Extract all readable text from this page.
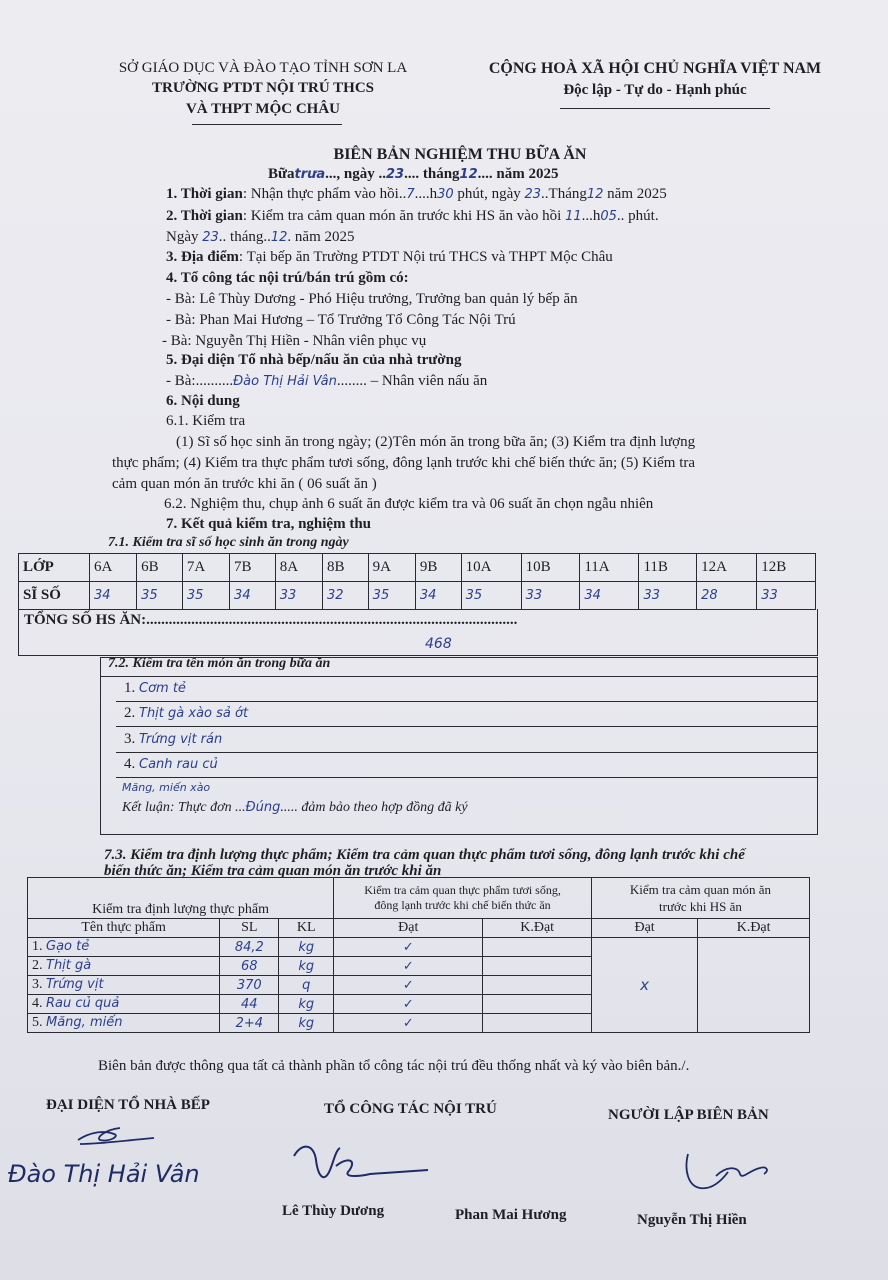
SỞ GIÁO DỤC VÀ ĐÀO TẠO TỈNH SƠN LA
TRƯỜNG PTDT NỘI TRÚ THCS
VÀ THPT MỘC CHÂU
CỘNG HOÀ XÃ HỘI CHỦ NGHĨA VIỆT NAM
Độc lập - Tự do - Hạnh phúc
BIÊN BẢN NGHIỆM THU BỮA ĂN
Bữatrưa..., ngày ..23.... tháng12.... năm 2025
1. Thời gian: Nhận thực phẩm vào hồi..7....h30 phút, ngày 23..Tháng12 năm 2025
2. Thời gian: Kiểm tra cảm quan món ăn trước khi HS ăn vào hồi 11...h05.. phút.
Ngày 23.. tháng..12. năm 2025
3. Địa điểm: Tại bếp ăn Trường PTDT Nội trú THCS và THPT Mộc Châu
4. Tổ công tác nội trú/bán trú gồm có:
- Bà: Lê Thùy Dương - Phó Hiệu trưởng, Trưởng ban quản lý bếp ăn
- Bà: Phan Mai Hương – Tổ Trưởng Tổ Công Tác Nội Trú
- Bà: Nguyễn Thị Hiền - Nhân viên phục vụ
5. Đại diện Tổ nhà bếp/nấu ăn của nhà trường
- Bà:..........Đào Thị Hải Vân........ – Nhân viên nấu ăn
6. Nội dung
6.1. Kiểm tra
(1) Sĩ số học sinh ăn trong ngày; (2)Tên món ăn trong bữa ăn; (3) Kiểm tra định lượng
thực phẩm; (4) Kiểm tra thực phẩm tươi sống, đông lạnh trước khi chế biến thức ăn; (5) Kiểm tra
cảm quan món ăn trước khi ăn ( 06 suất ăn )
6.2. Nghiệm thu, chụp ảnh 6 suất ăn được kiểm tra và 06 suất ăn chọn ngẫu nhiên
7. Kết quả kiểm tra, nghiệm thu
7.1. Kiểm tra sĩ số học sinh ăn trong ngày
LỚP	6A	6B	7A	7B	8A	8B	9A	9B	10A	10B	11A	11B	12A	12B
SĨ SỐ	34	35	35	34	33	32	35	34	35	33	34	33	28	33
TỔNG SỐ HS ĂN:...................................................................................................
468
7.2. Kiểm tra tên món ăn trong bữa ăn
1. Cơm tẻ
2. Thịt gà xào sả ớt
3. Trứng vịt rán
4. Canh rau củ
Măng, miến xào
Kết luận: Thực đơn ...Đúng..... đảm bảo theo hợp đồng đã ký
7.3. Kiểm tra định lượng thực phẩm; Kiểm tra cảm quan thực phẩm tươi sống, đông lạnh trước khi chế
biến thức ăn; Kiểm tra cảm quan món ăn trước khi ăn
Kiểm tra định lượng thực phẩm			Kiểm tra cảm quan thực phẩm tươi sống,
đông lạnh trước khi chế biến thức ăn		Kiểm tra cảm quan món ăn
trước khi HS ăn	

Tên thực phẩm	SL	KL	Đạt	K.Đạt	Đạt	K.Đạt
1. Gạo tẻ	84,2	kg	✓		x	
2. Thịt gà	68	kg	✓			
3. Trứng vịt	370	q	✓			
4. Rau củ quả	44	kg	✓			
5. Măng, miến	2+4	kg	✓			
Biên bản được thông qua tất cả thành phần tổ công tác nội trú đều thống nhất và ký vào biên bản./.
ĐẠI DIỆN TỔ NHÀ BẾP	TỔ CÔNG TÁC NỘI TRÚ	NGƯỜI LẬP BIÊN BẢN
Đào Thị Hải Vân
Lê Thùy Dương	Phan Mai Hương	Nguyễn Thị Hiền
